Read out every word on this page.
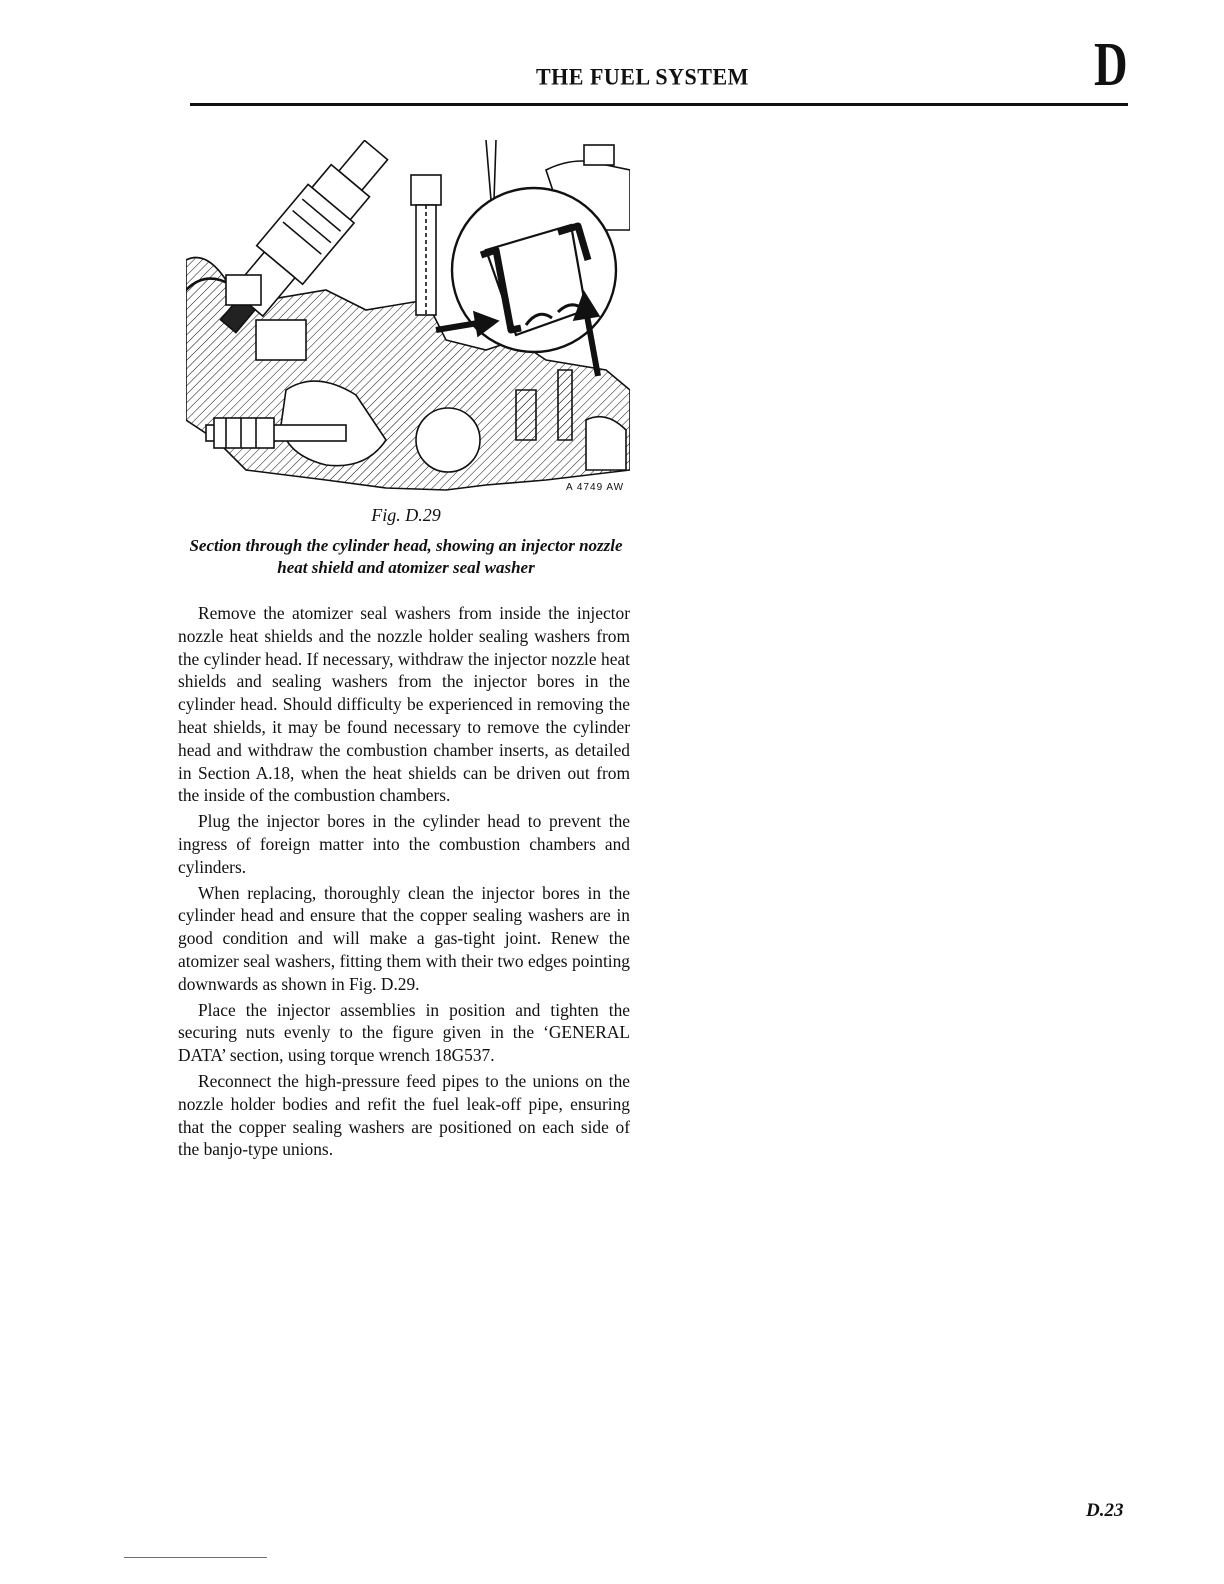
THE FUEL SYSTEM	D
A 4749 AW
Fig. D.29
Section through the cylinder head, showing an injector nozzle heat shield and atomizer seal washer

Remove the atomizer seal washers from inside the injector nozzle heat shields and the nozzle holder sealing washers from the cylinder head. If necessary, withdraw the injector nozzle heat shields and sealing washers from the injector bores in the cylinder head. Should difficulty be experienced in removing the heat shields, it may be found necessary to remove the cylinder head and withdraw the combustion chamber inserts, as detailed in Section A.18, when the heat shields can be driven out from the inside of the combustion chambers.

Plug the injector bores in the cylinder head to prevent the ingress of foreign matter into the combustion chambers and cylinders.

When replacing, thoroughly clean the injector bores in the cylinder head and ensure that the copper sealing washers are in good condition and will make a gas-tight joint. Renew the atomizer seal washers, fitting them with their two edges pointing downwards as shown in Fig. D.29.

Place the injector assemblies in position and tighten the securing nuts evenly to the figure given in the ‘GENERAL DATA’ section, using torque wrench 18G537.

Reconnect the high-pressure feed pipes to the unions on the nozzle holder bodies and refit the fuel leak-off pipe, ensuring that the copper sealing washers are positioned on each side of the banjo-type unions.

D.23
